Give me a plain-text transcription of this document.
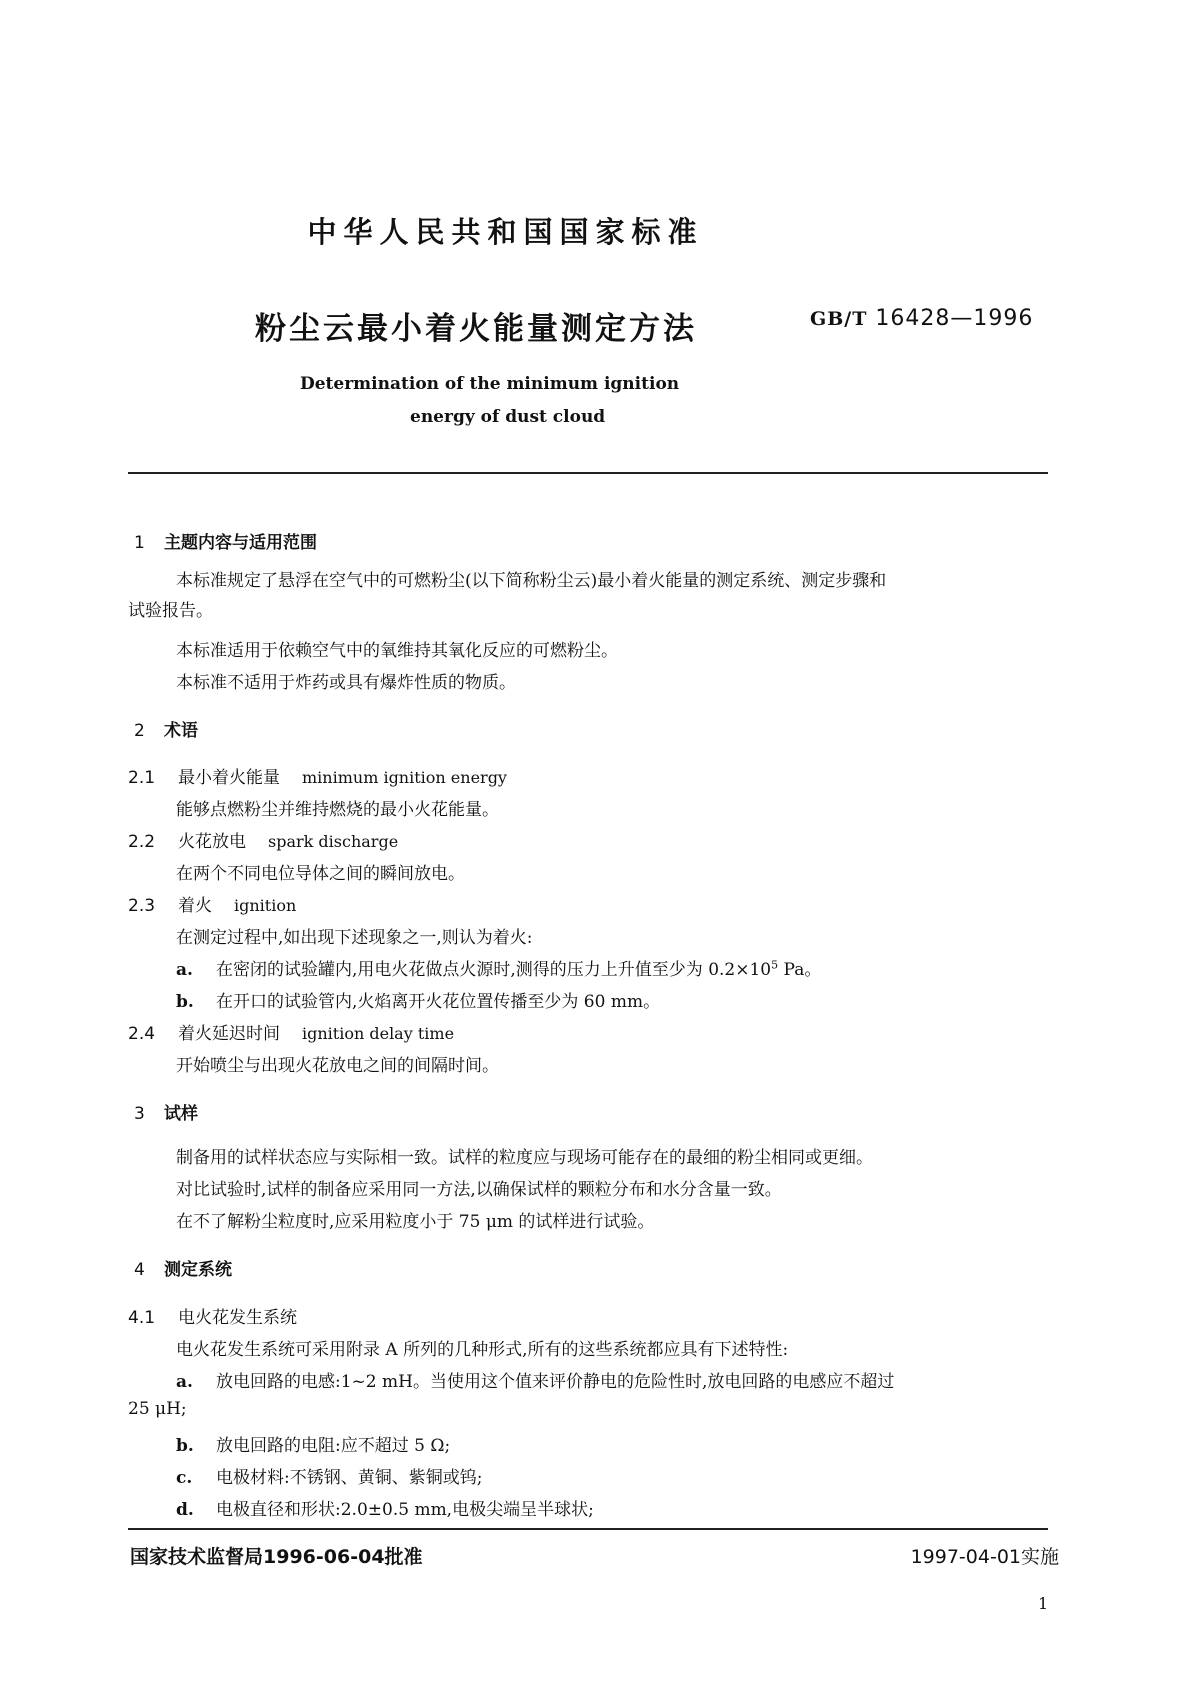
中华人民共和国国家标准
粉尘云最小着火能量测定方法	GB/T 16428—1996
Determination of the minimum ignition
energy of dust cloud
1 主题内容与适用范围
本标准规定了悬浮在空气中的可燃粉尘(以下简称粉尘云)最小着火能量的测定系统、测定步骤和
试验报告。
本标准适用于依赖空气中的氧维持其氧化反应的可燃粉尘。
本标准不适用于炸药或具有爆炸性质的物质。
2 术语
2.1 最小着火能量 minimum ignition energy
能够点燃粉尘并维持燃烧的最小火花能量。
2.2 火花放电 spark discharge
在两个不同电位导体之间的瞬间放电。
2.3 着火 ignition
在测定过程中,如出现下述现象之一,则认为着火:
a. 在密闭的试验罐内,用电火花做点火源时,测得的压力上升值至少为 $0.2\times 10^5$ Pa。
b. 在开口的试验管内,火焰离开火花位置传播至少为 60 mm。
2.4 着火延迟时间 ignition delay time
开始喷尘与出现火花放电之间的间隔时间。
3 试样
制备用的试样状态应与实际相一致。试样的粒度应与现场可能存在的最细的粉尘相同或更细。
对比试验时,试样的制备应采用同一方法,以确保试样的颗粒分布和水分含量一致。
在不了解粉尘粒度时,应采用粒度小于 75 μm 的试样进行试验。
4 测定系统
4.1 电火花发生系统
电火花发生系统可采用附录 A 所列的几种形式,所有的这些系统都应具有下述特性:
a. 放电回路的电感:1~2 mH。当使用这个值来评价静电的危险性时,放电回路的电感应不超过
25 μH;
b. 放电回路的电阻:应不超过 5 Ω;
c. 电极材料:不锈钢、黄铜、紫铜或钨;
d. 电极直径和形状:2.0±0.5 mm,电极尖端呈半球状;
国家技术监督局1996-06-04批准	1997-04-01实施
1
